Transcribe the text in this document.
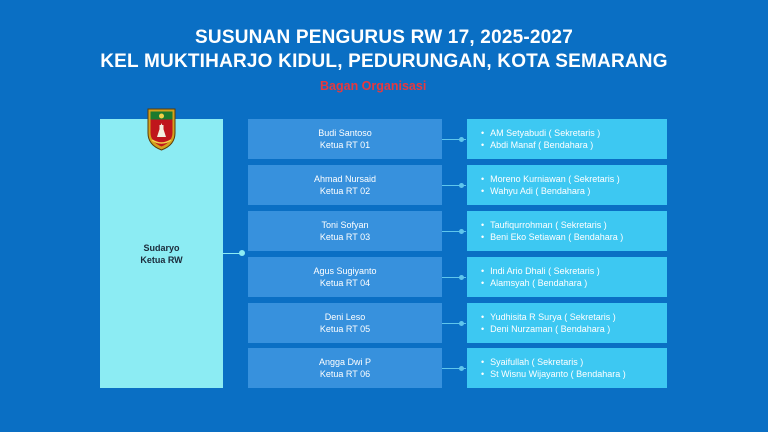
SUSUNAN PENGURUS RW 17, 2025-2027
KEL MUKTIHARJO KIDUL, PEDURUNGAN, KOTA SEMARANG
Bagan Organisasi
Sudaryo
Ketua RW
Budi Santoso
Ketua RT 01
• AM Setyabudi ( Sekretaris )
• Abdi Manaf ( Bendahara )
Ahmad Nursaid
Ketua RT 02
• Moreno Kurniawan ( Sekretaris )
• Wahyu Adi ( Bendahara )
Toni Sofyan
Ketua RT 03
• Taufiqurrohman ( Sekretaris )
• Beni Eko Setiawan ( Bendahara )
Agus Sugiyanto
Ketua RT 04
• Indi Ario Dhali ( Sekretaris )
• Alamsyah ( Bendahara )
Deni Leso
Ketua RT 05
• Yudhisita R Surya ( Sekretaris )
• Deni Nurzaman ( Bendahara )
Angga Dwi P
Ketua RT 06
• Syaifullah ( Sekretaris )
• St Wisnu Wijayanto ( Bendahara )
